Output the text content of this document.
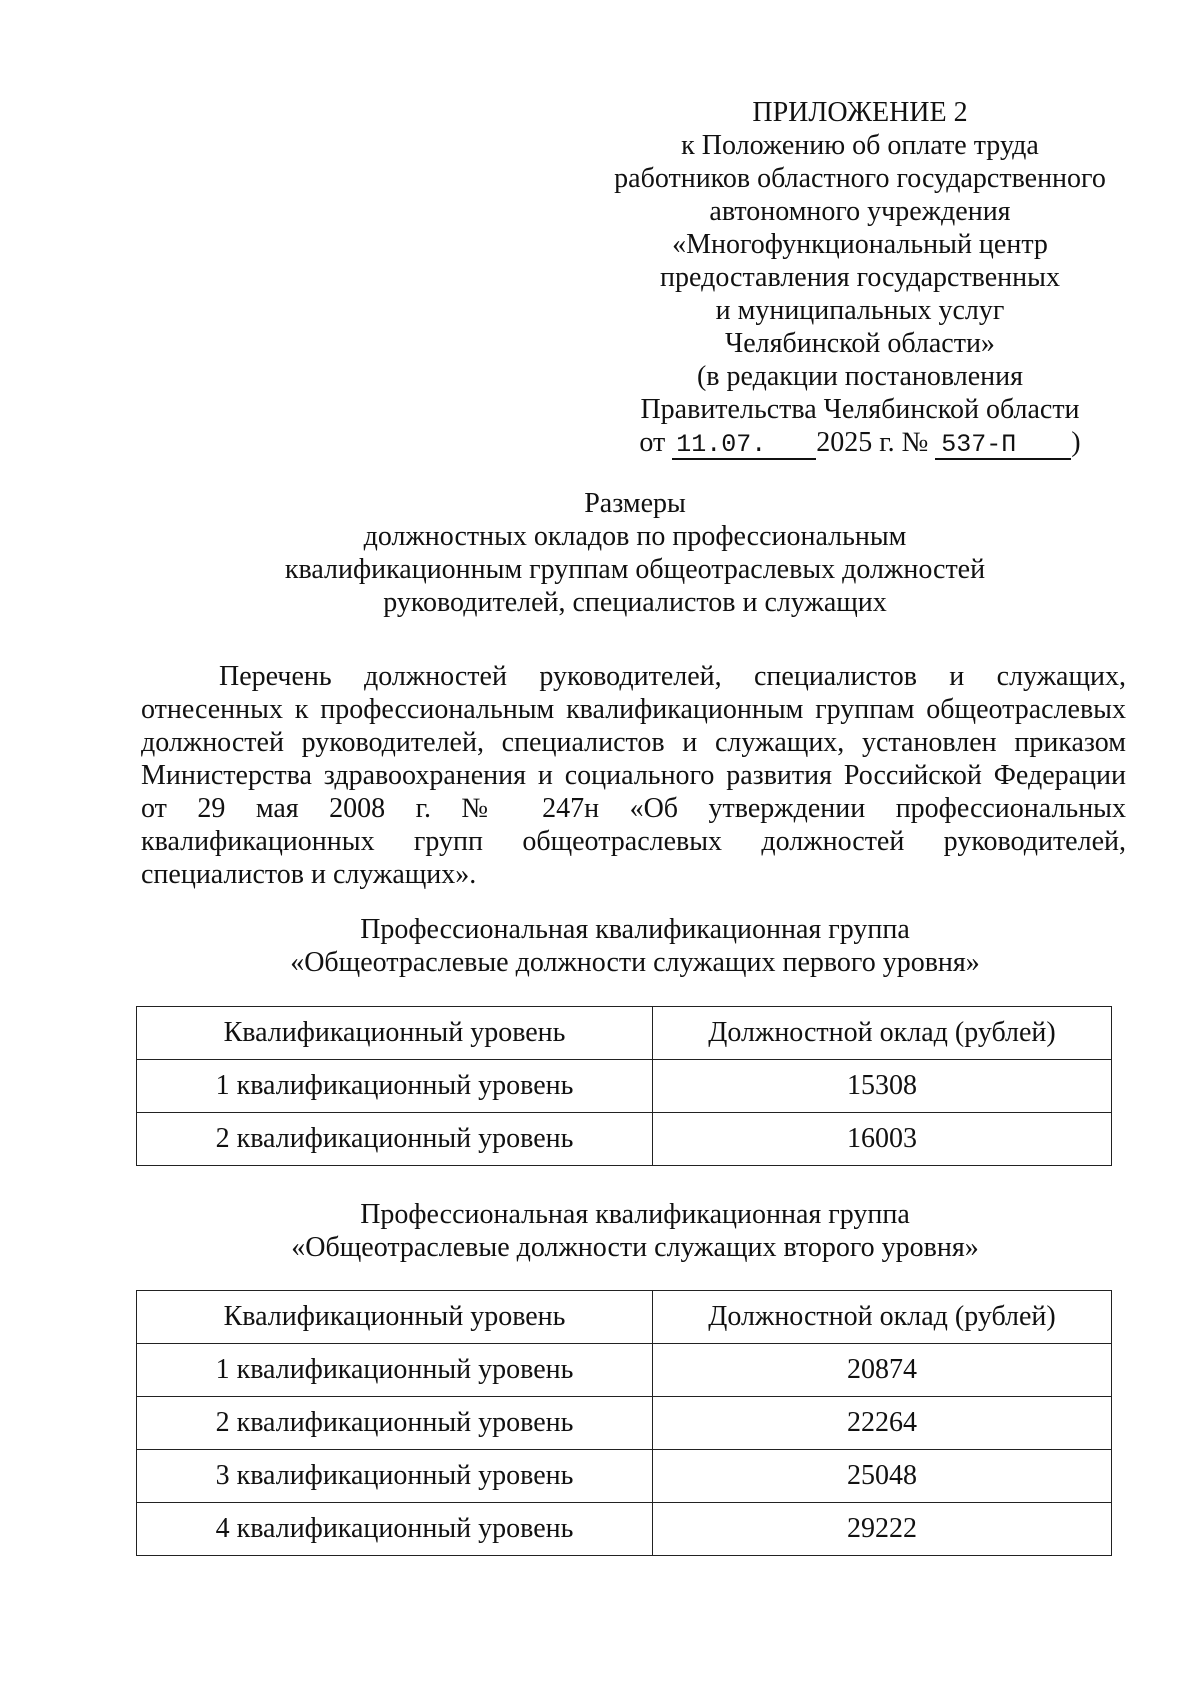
ПРИЛОЖЕНИЕ 2
к Положению об оплате труда
работников областного государственного
автономного учреждения
«Многофункциональный центр
предоставления государственных
и муниципальных услуг
Челябинской области»
(в редакции постановления
Правительства Челябинской области
от 11.07. 2025 г. № 537-П )
Размеры
должностных окладов по профессиональным
квалификационным группам общеотраслевых должностей
руководителей, специалистов и служащих
Перечень должностей руководителей, специалистов и служащих,
отнесенных к профессиональным квалификационным группам общеотраслевых
должностей руководителей, специалистов и служащих, установлен приказом
Министерства здравоохранения и социального развития Российской Федерации
от 29 мая 2008 г. № 247н «Об утверждении профессиональных
квалификационных групп общеотраслевых должностей руководителей,
специалистов и служащих».
Профессиональная квалификационная группа
«Общеотраслевые должности служащих первого уровня»
Квалификационный уровень	Должностной оклад (рублей)
1 квалификационный уровень	15308
2 квалификационный уровень	16003
Профессиональная квалификационная группа
«Общеотраслевые должности служащих второго уровня»
Квалификационный уровень	Должностной оклад (рублей)
1 квалификационный уровень	20874
2 квалификационный уровень	22264
3 квалификационный уровень	25048
4 квалификационный уровень	29222
